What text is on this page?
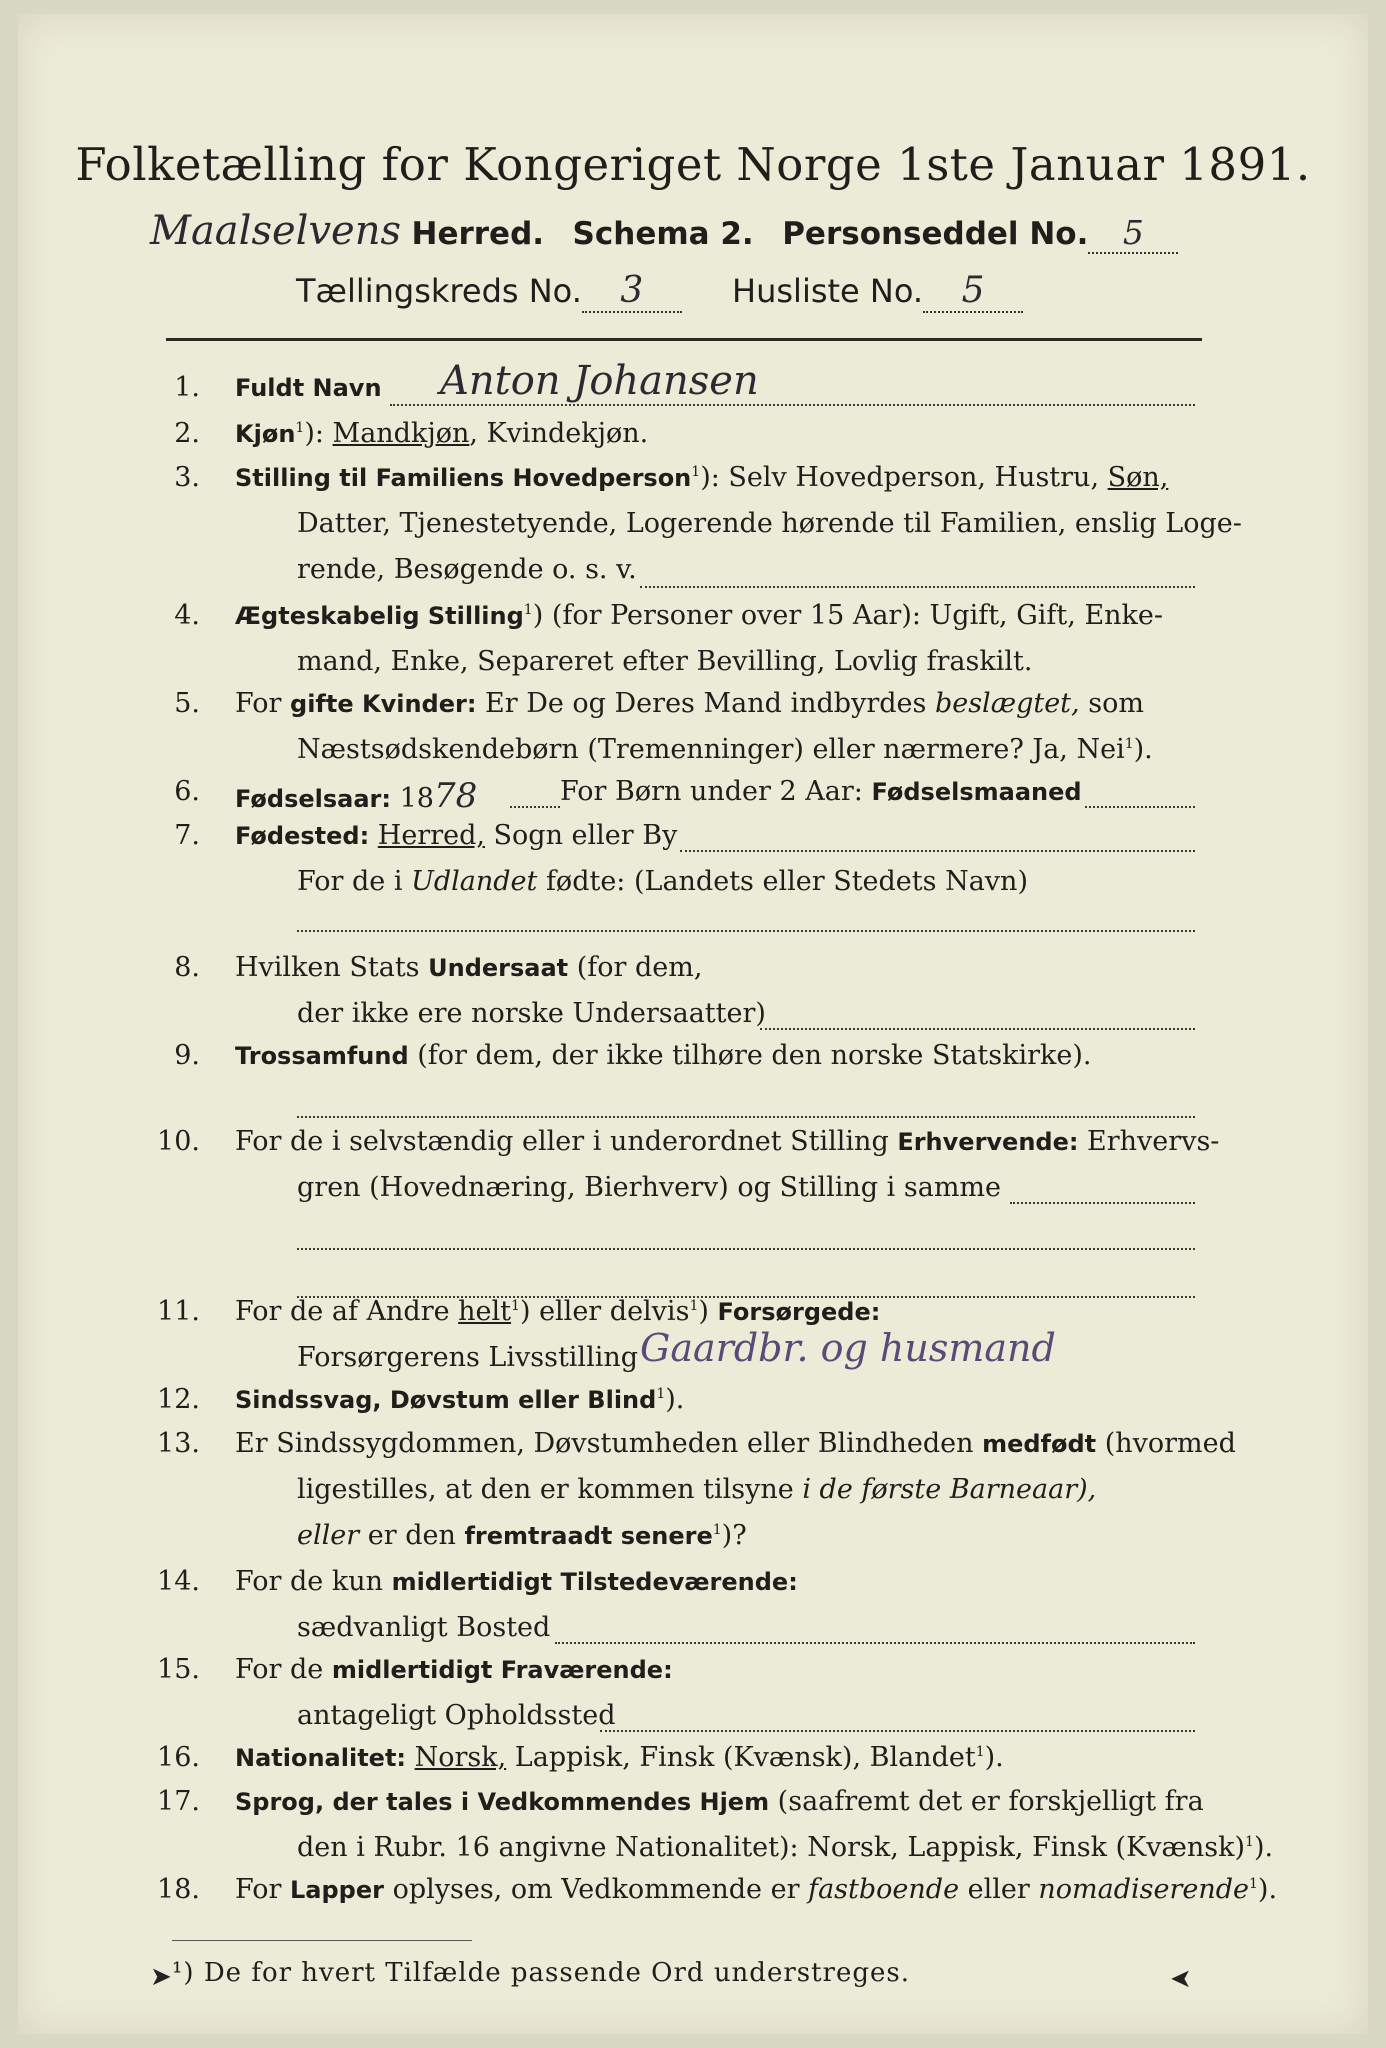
Folketælling for Kongeriget Norge 1ste Januar 1891.
Maalselvens Herred. Schema 2. Personseddel No. 5
Tællingskreds No. 3	Husliste No. 5
1. Fuldt Navn Anton Johansen
2. Kjøn$^1$): Mandkjøn, Kvindekjøn.
3. Stilling til Familiens Hovedperson$^1$): Selv Hovedperson, Hustru, Søn,
Datter, Tjenestetyende, Logerende hørende til Familien, enslig Loge-
rende, Besøgende o. s. v.
4. Ægteskabelig Stilling$^1$) (for Personer over 15 Aar): Ugift, Gift, Enke-
mand, Enke, Separeret efter Bevilling, Lovlig fraskilt.
5. For gifte Kvinder: Er De og Deres Mand indbyrdes beslægtet, som
Næstsødskendebørn (Tremenninger) eller nærmere? Ja, Nei$^1$).
6. Fødselsaar: 1878	For Børn under 2 Aar: Fødselsmaaned
7. Fødested: Herred, Sogn eller By
For de i Udlandet fødte: (Landets eller Stedets Navn)
8. Hvilken Stats Undersaat (for dem,
der ikke ere norske Undersaatter)
9. Trossamfund (for dem, der ikke tilhøre den norske Statskirke).
10. For de i selvstændig eller i underordnet Stilling Erhvervende: Erhvervs-
gren (Hovednæring, Bierhverv) og Stilling i samme
11. For de af Andre helt$^1$) eller delvis$^1$) Forsørgede:
Forsørgerens Livsstilling Gaardbr. og husmand
12. Sindssvag, Døvstum eller Blind$^1$).
13. Er Sindssygdommen, Døvstumheden eller Blindheden medfødt (hvormed
ligestilles, at den er kommen tilsyne i de første Barneaar),
eller er den fremtraadt senere$^1$)?
14. For de kun midlertidigt Tilstedeværende:
sædvanligt Bosted
15. For de midlertidigt Fraværende:
antageligt Opholdssted
16. Nationalitet: Norsk, Lappisk, Finsk (Kvænsk), Blandet$^1$).
17. Sprog, der tales i Vedkommendes Hjem (saafremt det er forskjelligt fra
den i Rubr. 16 angivne Nationalitet): Norsk, Lappisk, Finsk (Kvænsk)$^1$).
18. For Lapper oplyses, om Vedkommende er fastboende eller nomadiserende$^1$).
¹) De for hvert Tilfælde passende Ord understreges.
➤	➤
